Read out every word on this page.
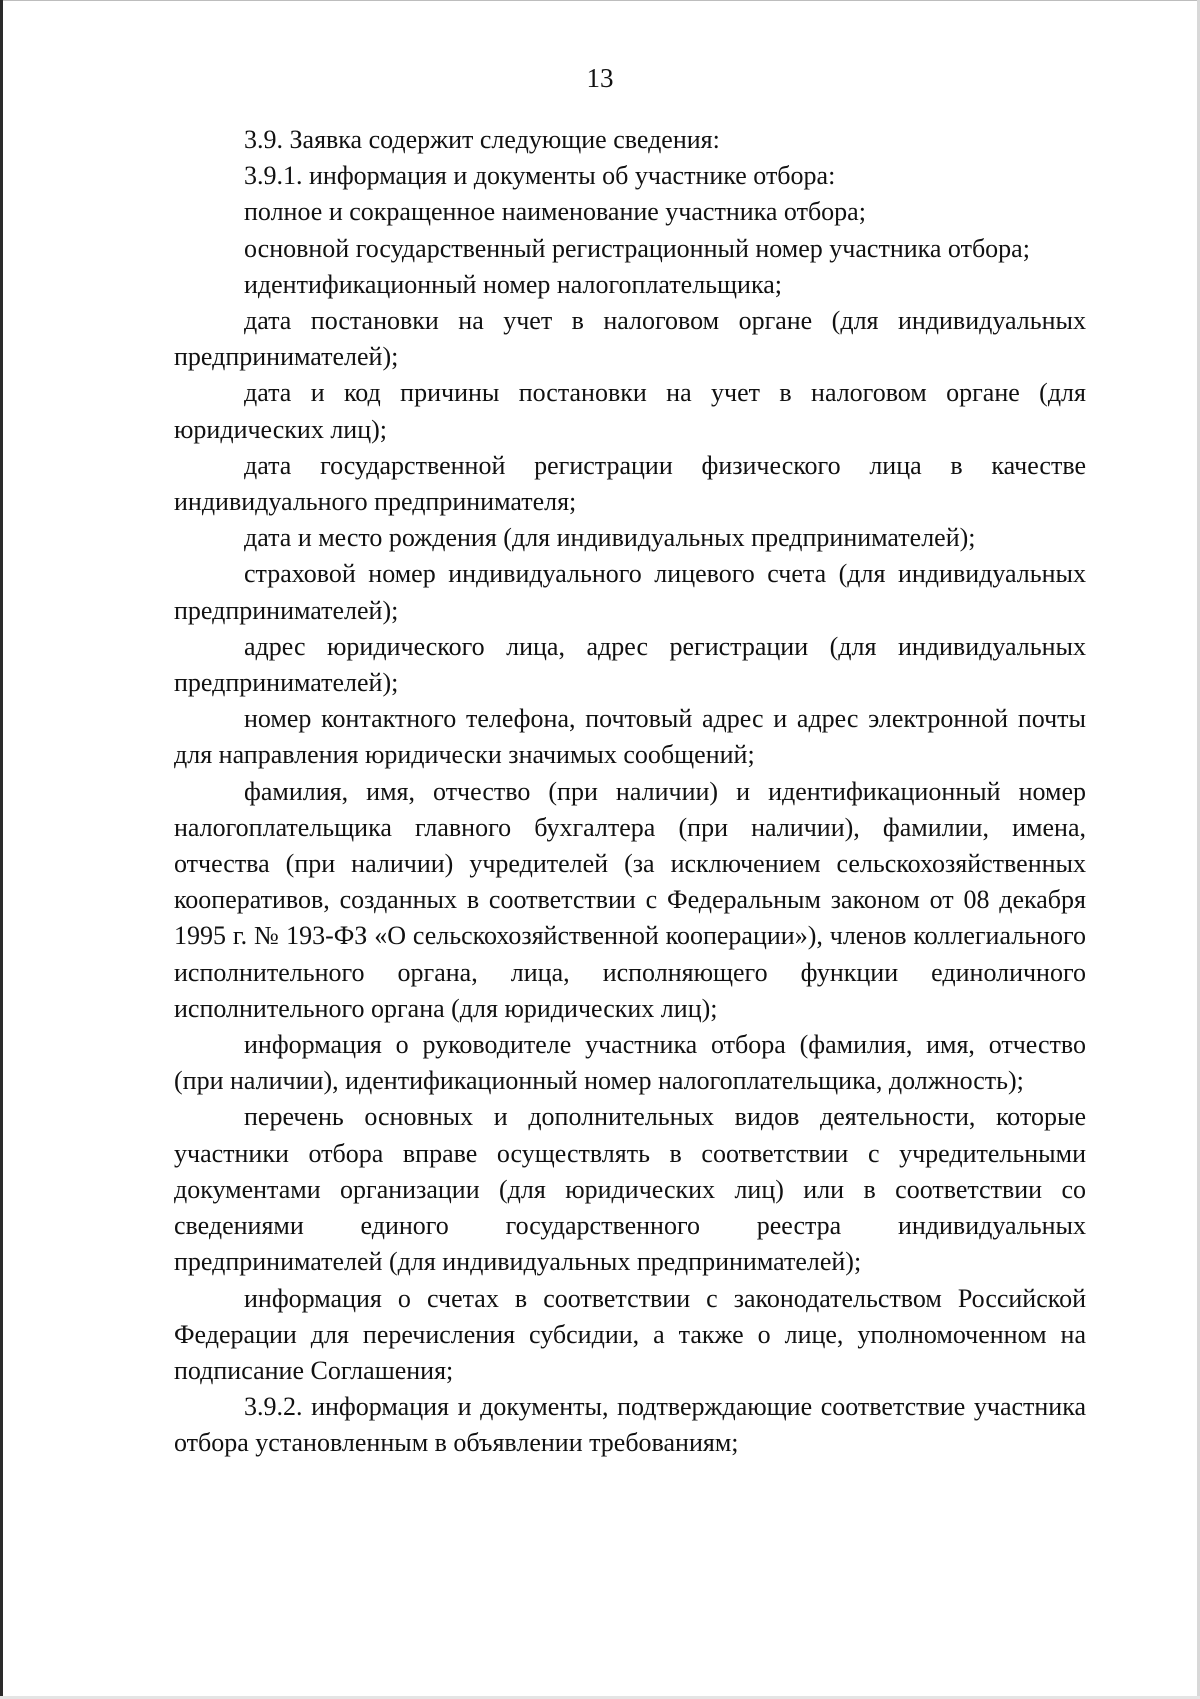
13

3.9. Заявка содержит следующие сведения:

3.9.1. информация и документы об участнике отбора:

полное и сокращенное наименование участника отбора;

основной государственный регистрационный номер участника отбора;

идентификационный номер налогоплательщика;

дата постановки на учет в налоговом органе (для индивидуальных предпринимателей);

дата и код причины постановки на учет в налоговом органе (для юридических лиц);

дата государственной регистрации физического лица в качестве индивидуального предпринимателя;

дата и место рождения (для индивидуальных предпринимателей);

страховой номер индивидуального лицевого счета (для индивидуальных предпринимателей);

адрес юридического лица, адрес регистрации (для индивидуальных предпринимателей);

номер контактного телефона, почтовый адрес и адрес электронной почты для направления юридически значимых сообщений;

фамилия, имя, отчество (при наличии) и идентификационный номер налогоплательщика главного бухгалтера (при наличии), фамилии, имена, отчества (при наличии) учредителей (за исключением сельскохозяйственных кооперативов, созданных в соответствии с Федеральным законом от 08 декабря 1995 г. № 193-ФЗ «О сельскохозяйственной кооперации»), членов коллегиального исполнительного органа, лица, исполняющего функции единоличного исполнительного органа (для юридических лиц);

информация о руководителе участника отбора (фамилия, имя, отчество (при наличии), идентификационный номер налогоплательщика, должность);

перечень основных и дополнительных видов деятельности, которые участники отбора вправе осуществлять в соответствии с учредительными документами организации (для юридических лиц) или в соответствии со сведениями единого государственного реестра индивидуальных предпринимателей (для индивидуальных предпринимателей);

информация о счетах в соответствии с законодательством Российской Федерации для перечисления субсидии, а также о лице, уполномоченном на подписание Соглашения;

3.9.2. информация и документы, подтверждающие соответствие участника отбора установленным в объявлении требованиям;
